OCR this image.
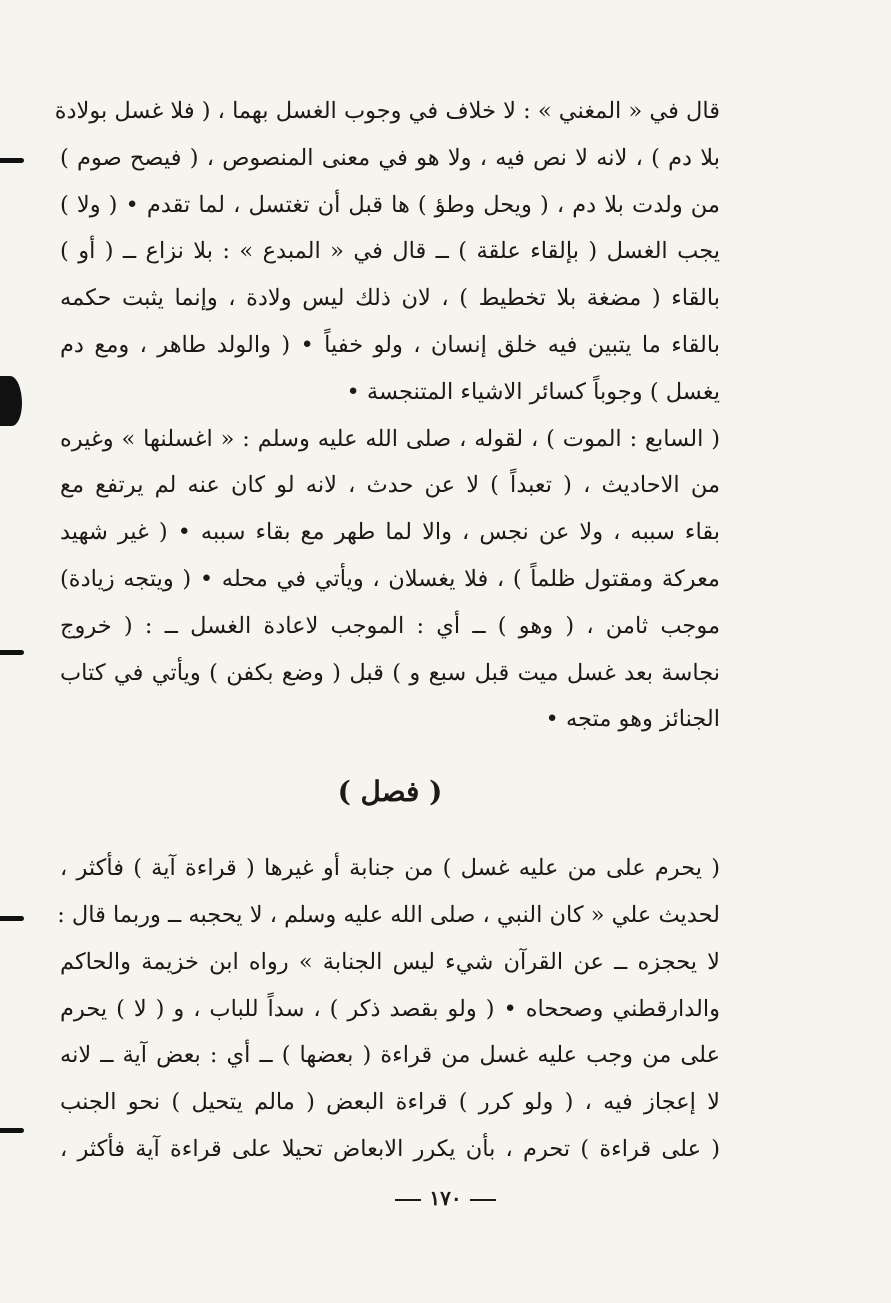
قال في « المغني » : لا خلاف في وجوب الغسل بهما ، ( فلا غسل بولادة
بلا دم ) ، لانه لا نص فيه ، ولا هو في معنى المنصوص ، ( فيصح صوم )
من ولدت بلا دم ، ( ويحل وطؤ ) ها قبل أن تغتسل ، لما تقدم • ( ولا )
يجب الغسل ( بإلقاء علقة ) ــ قال في « المبدع » : بلا نزاع ــ ( أو )
بالقاء ( مضغة بلا تخطيط ) ، لان ذلك ليس ولادة ، وإنما يثبت حكمه
بالقاء ما يتبين فيه خلق إنسان ، ولو خفياً • ( والولد طاهر ، ومع دم
يغسل ) وجوباً كسائر الاشياء المتنجسة •
( السابع : الموت ) ، لقوله ، صلى الله عليه وسلم : « اغسلنها » وغيره
من الاحاديث ، ( تعبداً ) لا عن حدث ، لانه لو كان عنه لم يرتفع مع
بقاء سببه ، ولا عن نجس ، والا لما طهر مع بقاء سببه • ( غير شهيد
معركة ومقتول ظلماً ) ، فلا يغسلان ، ويأتي في محله • ( ويتجه زيادة)
موجب ثامن ، ( وهو ) ــ أي : الموجب لاعادة الغسل ــ : ( خروج
نجاسة بعد غسل ميت قبل سبع و ) قبل ( وضع بكفن ) ويأتي في كتاب
الجنائز وهو متجه •
( فصل )
( يحرم على من عليه غسل ) من جنابة أو غيرها ( قراءة آية ) فأكثر ،
لحديث علي « كان النبي ، صلى الله عليه وسلم ، لا يحجبه ــ وربما قال :
لا يحجزه ــ عن القرآن شيء ليس الجنابة » رواه ابن خزيمة والحاكم
والدارقطني وصححاه • ( ولو بقصد ذكر ) ، سداً للباب ، و ( لا ) يحرم
على من وجب عليه غسل من قراءة ( بعضها ) ــ أي : بعض آية ــ لانه
لا إعجاز فيه ، ( ولو كرر ) قراءة البعض ( مالم يتحيل ) نحو الجنب
( على قراءة ) تحرم ، بأن يكرر الابعاض تحيلا على قراءة آية فأكثر ،
١٧٠
